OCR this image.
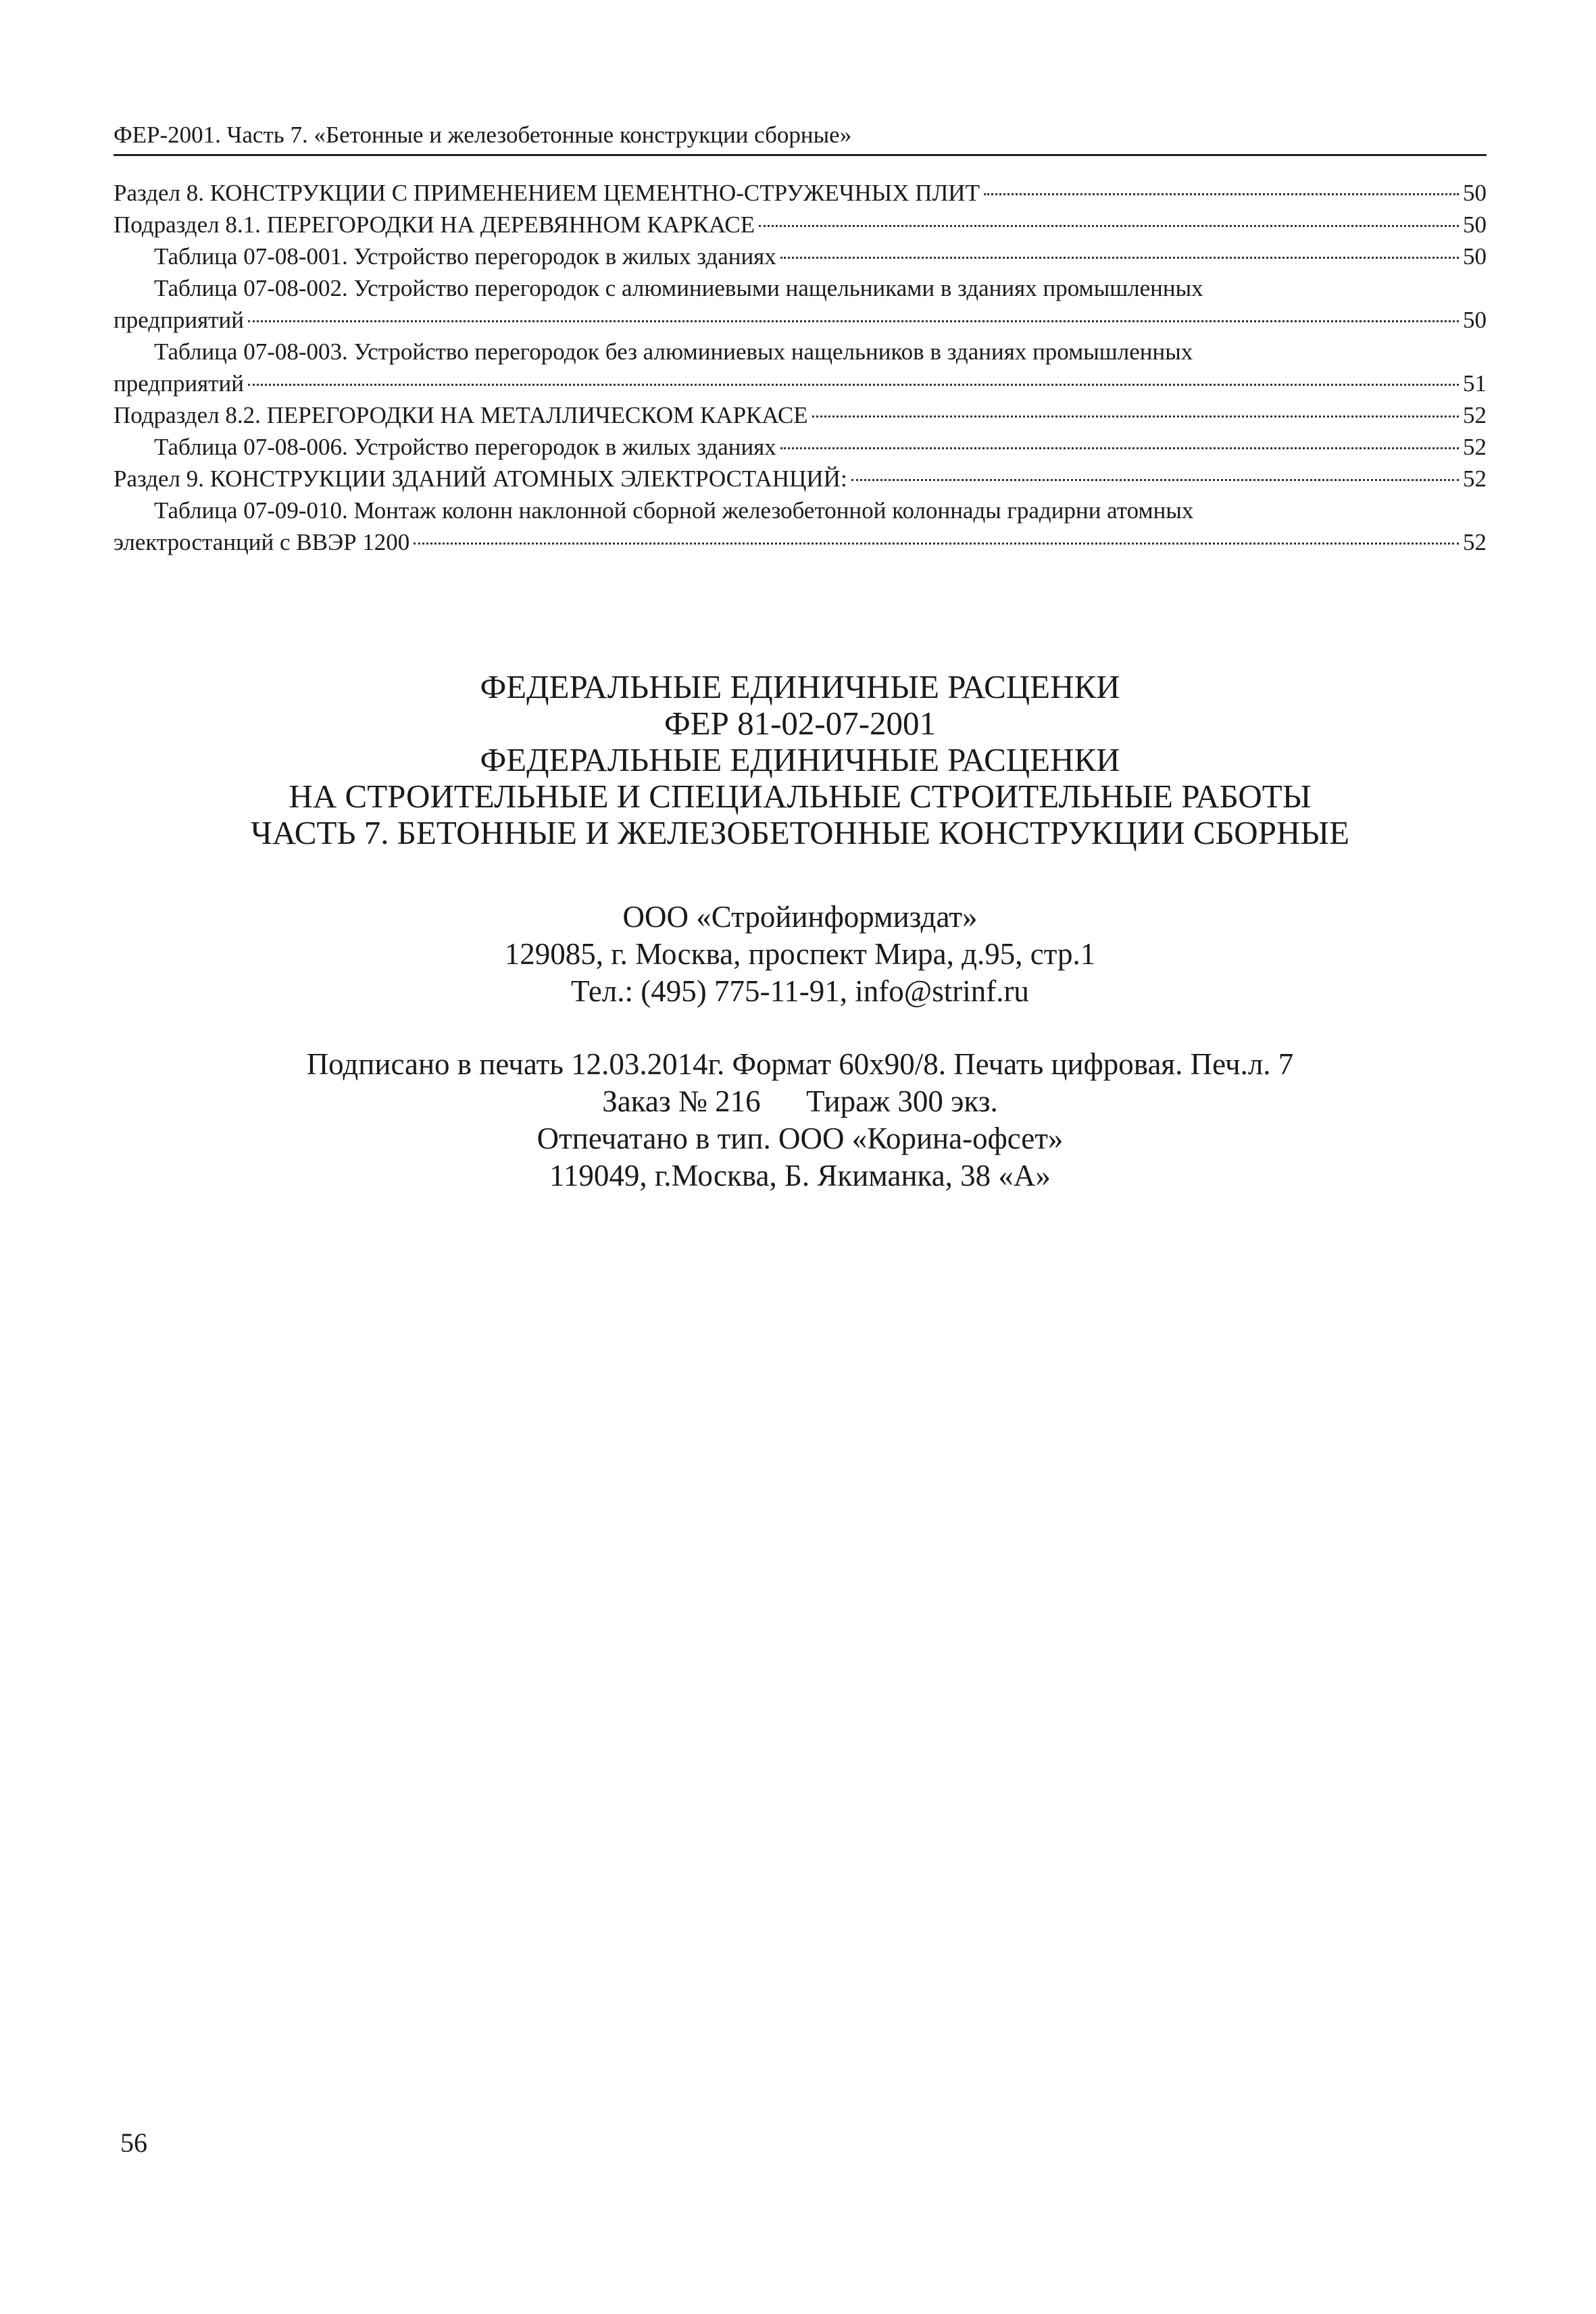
ФЕР-2001. Часть 7. «Бетонные и железобетонные конструкции сборные»
Раздел 8. КОНСТРУКЦИИ С ПРИМЕНЕНИЕМ ЦЕМЕНТНО-СТРУЖЕЧНЫХ ПЛИТ	50
Подраздел 8.1. ПЕРЕГОРОДКИ НА ДЕРЕВЯННОМ КАРКАСЕ	50
Таблица 07-08-001. Устройство перегородок в жилых зданиях	50
Таблица 07-08-002. Устройство перегородок с алюминиевыми нащельниками в зданиях промышленных
предприятий	50
Таблица 07-08-003. Устройство перегородок без алюминиевых нащельников в зданиях промышленных
предприятий	51
Подраздел 8.2. ПЕРЕГОРОДКИ НА МЕТАЛЛИЧЕСКОМ КАРКАСЕ	52
Таблица 07-08-006. Устройство перегородок в жилых зданиях	52
Раздел 9. КОНСТРУКЦИИ ЗДАНИЙ АТОМНЫХ ЭЛЕКТРОСТАНЦИЙ:	52
Таблица 07-09-010. Монтаж колонн наклонной сборной железобетонной колоннады градирни атомных
электростанций с ВВЭР 1200	52
ФЕДЕРАЛЬНЫЕ ЕДИНИЧНЫЕ РАСЦЕНКИ
ФЕР 81-02-07-2001
ФЕДЕРАЛЬНЫЕ ЕДИНИЧНЫЕ РАСЦЕНКИ
НА СТРОИТЕЛЬНЫЕ И СПЕЦИАЛЬНЫЕ СТРОИТЕЛЬНЫЕ РАБОТЫ
ЧАСТЬ 7. БЕТОННЫЕ И ЖЕЛЕЗОБЕТОННЫЕ КОНСТРУКЦИИ СБОРНЫЕ
ООО «Стройинформиздат»
129085, г. Москва, проспект Мира, д.95, стр.1
Тел.: (495) 775-11-91, info@strinf.ru
Подписано в печать 12.03.2014г. Формат 60х90/8. Печать цифровая. Печ.л. 7
Заказ № 216      Тираж 300 экз.
Отпечатано в тип. ООО «Корина-офсет»
119049, г.Москва, Б. Якиманка, 38 «А»
56
